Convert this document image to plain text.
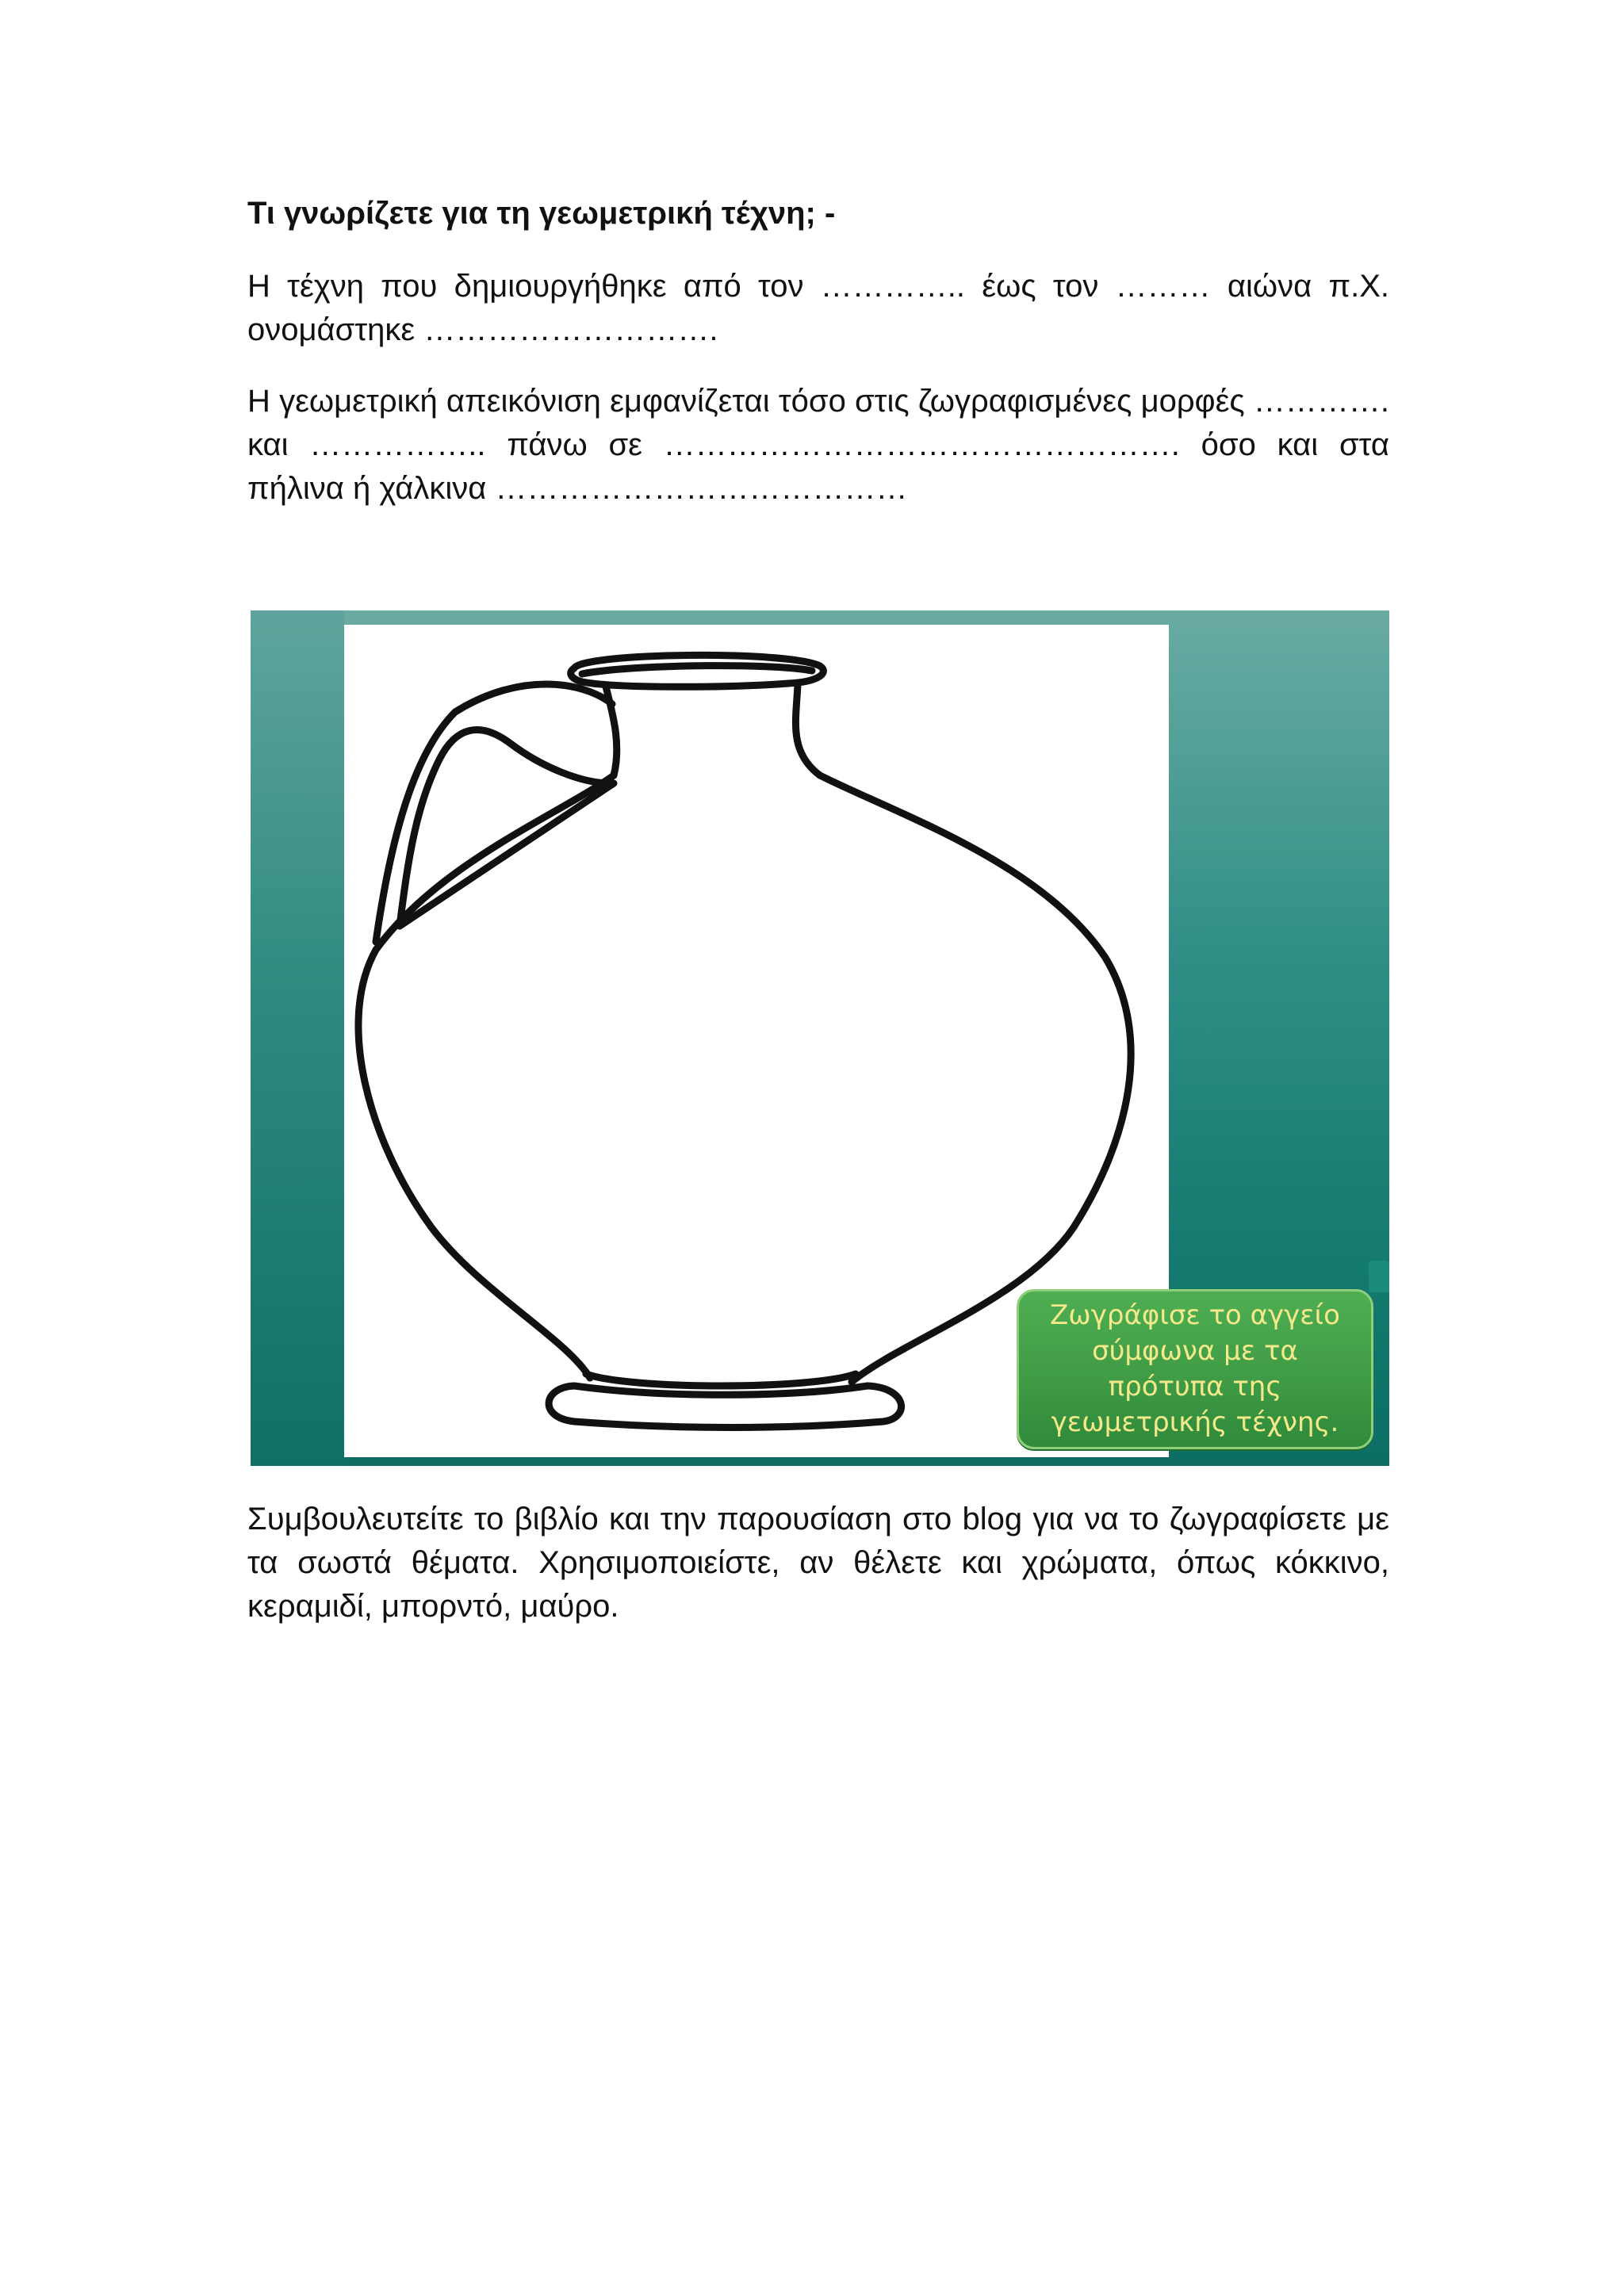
Τι γνωρίζετε για τη γεωμετρική τέχνη; -

Η τέχνη που δημιουργήθηκε από τον ………….. έως τον ……… αιώνα π.Χ. ονομάστηκε ……………………….

Η γεωμετρική απεικόνιση εμφανίζεται τόσο στις ζωγραφισμένες μορφές …………. και …………….. πάνω σε …………………………………………. όσο και στα πήλινα ή χάλκινα …………………………………

Ζωγράφισε το αγγείο
σύμφωνα με τα
πρότυπα της
γεωμετρικής τέχνης.

Συμβουλευτείτε το βιβλίο και την παρουσίαση στο blog για να το ζωγραφίσετε με τα σωστά θέματα. Χρησιμοποιείστε, αν θέλετε και χρώματα, όπως κόκκινο, κεραμιδί, μπορντό, μαύρο.
